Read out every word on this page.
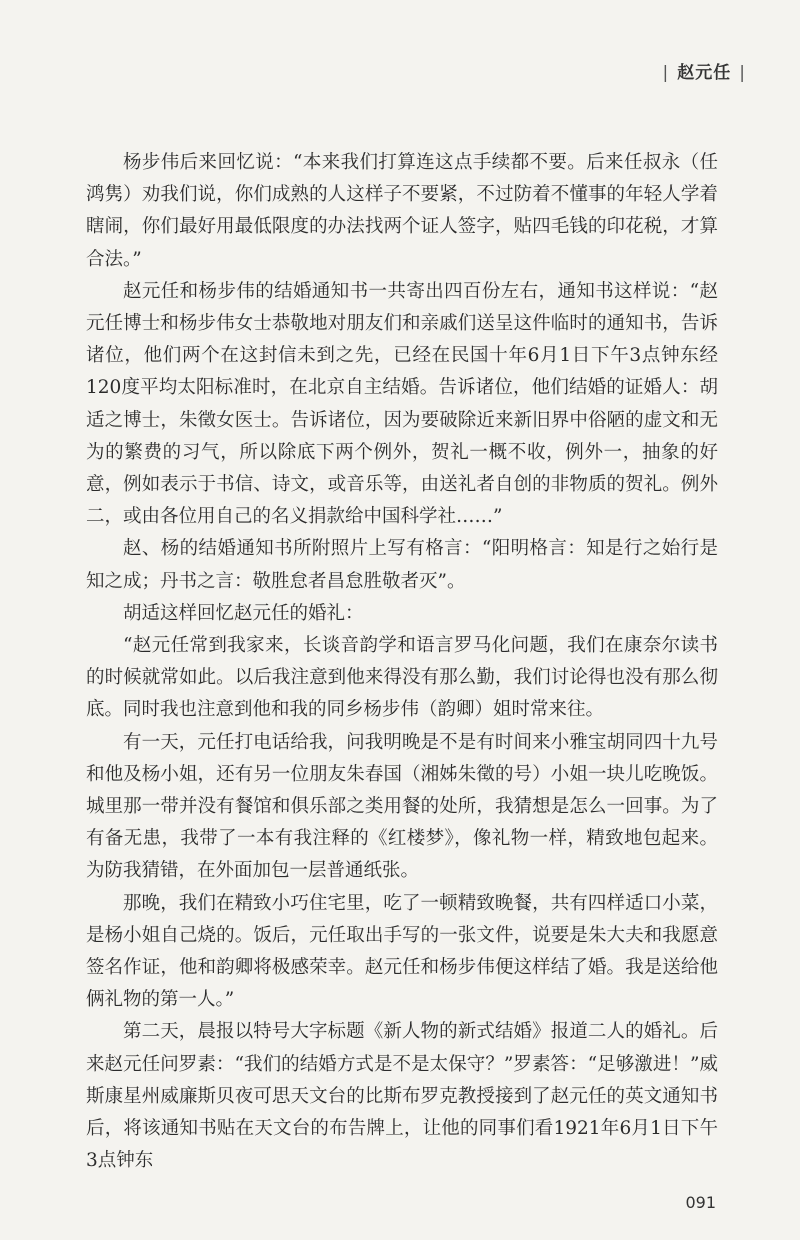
| 赵元任 |

杨步伟后来回忆说：“本来我们打算连这点手续都不要。后来任叔永（任鸿隽）劝我们说，你们成熟的人这样子不要紧，不过防着不懂事的年轻人学着瞎闹，你们最好用最低限度的办法找两个证人签字，贴四毛钱的印花税，才算合法。”

赵元任和杨步伟的结婚通知书一共寄出四百份左右，通知书这样说：“赵元任博士和杨步伟女士恭敬地对朋友们和亲戚们送呈这件临时的通知书，告诉诸位，他们两个在这封信未到之先，已经在民国十年6月1日下午3点钟东经120度平均太阳标准时，在北京自主结婚。告诉诸位，他们结婚的证婚人：胡适之博士，朱徵女医士。告诉诸位，因为要破除近来新旧界中俗陋的虚文和无为的繁费的习气，所以除底下两个例外，贺礼一概不收，例外一，抽象的好意，例如表示于书信、诗文，或音乐等，由送礼者自创的非物质的贺礼。例外二，或由各位用自己的名义捐款给中国科学社……”

赵、杨的结婚通知书所附照片上写有格言：“阳明格言：知是行之始行是知之成；丹书之言：敬胜怠者昌怠胜敬者灭”。

胡适这样回忆赵元任的婚礼：

“赵元任常到我家来，长谈音韵学和语言罗马化问题，我们在康奈尔读书的时候就常如此。以后我注意到他来得没有那么勤，我们讨论得也没有那么彻底。同时我也注意到他和我的同乡杨步伟（韵卿）姐时常来往。

有一天，元任打电话给我，问我明晚是不是有时间来小雅宝胡同四十九号和他及杨小姐，还有另一位朋友朱春国（湘姊朱徵的号）小姐一块儿吃晚饭。城里那一带并没有餐馆和俱乐部之类用餐的处所，我猜想是怎么一回事。为了有备无患，我带了一本有我注释的《红楼梦》，像礼物一样，精致地包起来。为防我猜错，在外面加包一层普通纸张。

那晚，我们在精致小巧住宅里，吃了一顿精致晚餐，共有四样适口小菜，是杨小姐自己烧的。饭后，元任取出手写的一张文件，说要是朱大夫和我愿意签名作证，他和韵卿将极感荣幸。赵元任和杨步伟便这样结了婚。我是送给他俩礼物的第一人。”

第二天，晨报以特号大字标题《新人物的新式结婚》报道二人的婚礼。后来赵元任问罗素：“我们的结婚方式是不是太保守？”罗素答：“足够激进！”威斯康星州威廉斯贝夜可思天文台的比斯布罗克教授接到了赵元任的英文通知书后，将该通知书贴在天文台的布告牌上，让他的同事们看1921年6月1日下午3点钟东

091
